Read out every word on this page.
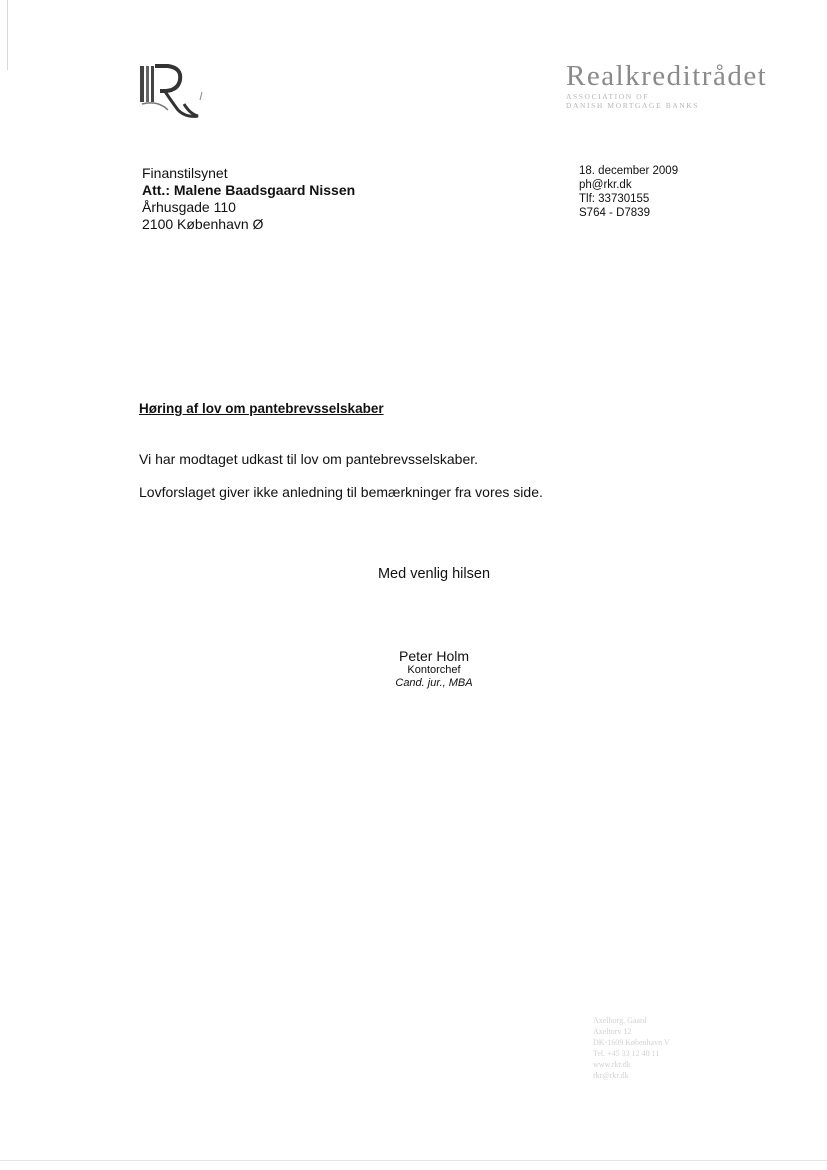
Realkreditrådet
ASSOCIATION OF
DANISH MORTGAGE BANKS
Finanstilsynet
Att.: Malene Baadsgaard Nissen
Århusgade 110
2100 København Ø
18. december 2009
ph@rkr.dk
Tlf: 33730155
S764 - D7839
Høring af lov om pantebrevsselskaber
Vi har modtaget udkast til lov om pantebrevsselskaber.
Lovforslaget giver ikke anledning til bemærkninger fra vores side.
Med venlig hilsen
Peter Holm
Kontorchef
Cand. jur., MBA
Axelborg, Gaard
Axeltorv 12
DK-1609 København V
Tel. +45 33 12 48 11
www.rkr.dk
rkr@rkr.dk
